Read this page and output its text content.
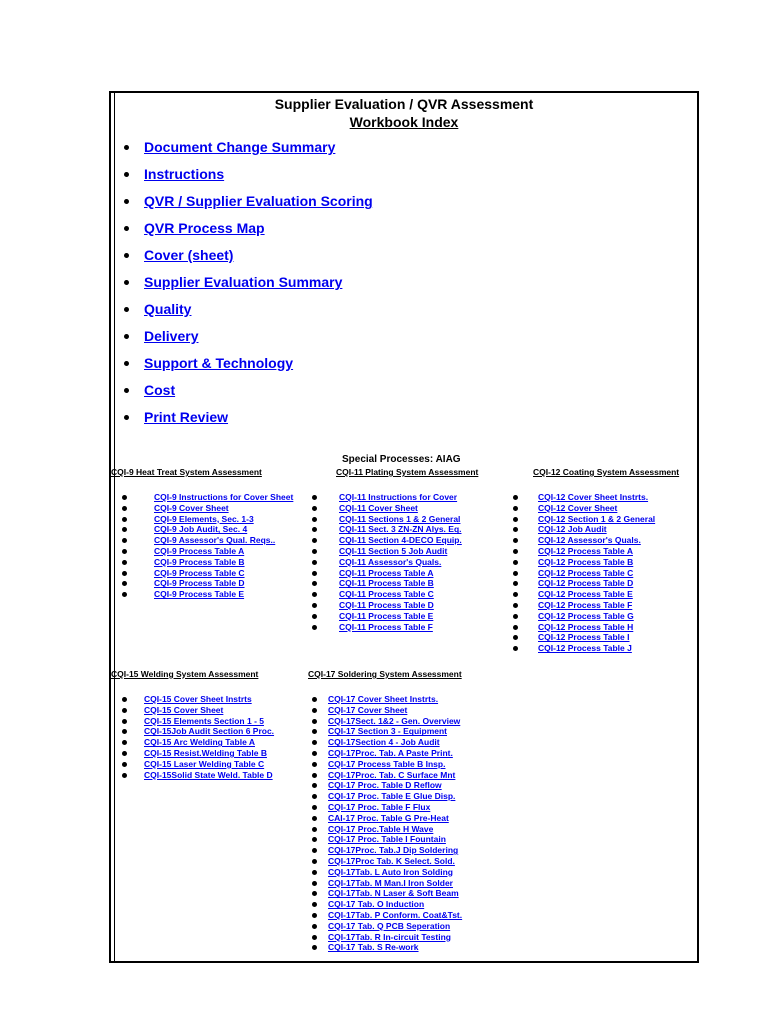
Supplier Evaluation / QVR Assessment
Workbook Index
Document Change Summary
Instructions
QVR / Supplier Evaluation Scoring
QVR Process Map
Cover (sheet)
Supplier Evaluation Summary
Quality
Delivery
Support & Technology
Cost
Print Review
Special Processes: AIAG
CQI-9 Heat Treat System Assessment	CQI-11 Plating System Assessment	CQI-12 Coating System Assessment
CQI-15 Welding System Assessment	CQI-17 Soldering System Assessment
CQI-9 Instructions for Cover Sheet
CQI-9 Cover Sheet
CQI-9 Elements, Sec. 1-3
CQI-9 Job Audit, Sec. 4
CQI-9 Assessor's Qual. Reqs..
CQI-9 Process Table A
CQI-9 Process Table B
CQI-9 Process Table C
CQI-9 Process Table D
CQI-9 Process Table E
CQI-11 Instructions for Cover
CQI-11 Cover Sheet
CQI-11 Sections 1 & 2 General
CQI-11 Sect. 3 ZN-ZN Alys. Eq.
CQI-11 Section 4-DECO Equip.
CQI-11 Section 5 Job Audit
CQI-11 Assessor's Quals.
CQI-11 Process Table A
CQI-11 Process Table B
CQI-11 Process Table C
CQI-11 Process Table D
CQI-11 Process Table E
CQI-11 Process Table F
CQI-12 Cover Sheet Instrts.
CQI-12 Cover Sheet
CQI-12 Section 1 & 2 General
CQI-12 Job Audit
CQI-12 Assessor's Quals.
CQI-12 Process Table A
CQI-12 Process Table B
CQI-12 Process Table C
CQI-12 Process Table D
CQI-12 Process Table E
CQI-12 Process Table F
CQI-12 Process Table G
CQI-12 Process Table H
CQI-12 Process Table I
CQI-12 Process Table J
CQI-15 Cover Sheet Instrts
CQI-15 Cover Sheet
CQI-15 Elements Section 1 - 5
CQI-15Job Audit Section 6 Proc.
CQI-15 Arc Welding Table A
CQI-15 Resist.Welding Table B
CQI-15 Laser Welding Table C
CQI-15Solid State Weld. Table D
CQI-17 Cover Sheet Instrts.
CQI-17 Cover Sheet
CQI-17Sect. 1&2 - Gen. Overview
CQI-17 Section 3 - Equipment
CQI-17Section 4 - Job Audit
CQI-17Proc. Tab. A Paste Print.
CQI-17 Process Table B Insp.
CQI-17Proc. Tab. C Surface Mnt
CQI-17 Proc. Table D Reflow
CQI-17 Proc. Table E Glue Disp.
CQI-17 Proc. Table F Flux
CAI-17 Proc. Table G Pre-Heat
CQI-17 Proc.Table H Wave
CQI-17 Proc. Table I Fountain
CQI-17Proc. Tab.J Dip Soldering
CQI-17Proc Tab. K Select. Sold.
CQI-17Tab. L Auto Iron Solding
CQI-17Tab. M Man.I Iron Solder
CQI-17Tab. N Laser & Soft Beam
CQI-17 Tab. O Induction
CQI-17Tab. P Conform. Coat&Tst.
CQI-17 Tab. Q PCB Seperation
CQI-17Tab. R In-circuit Testing
CQI-17 Tab. S Re-work
